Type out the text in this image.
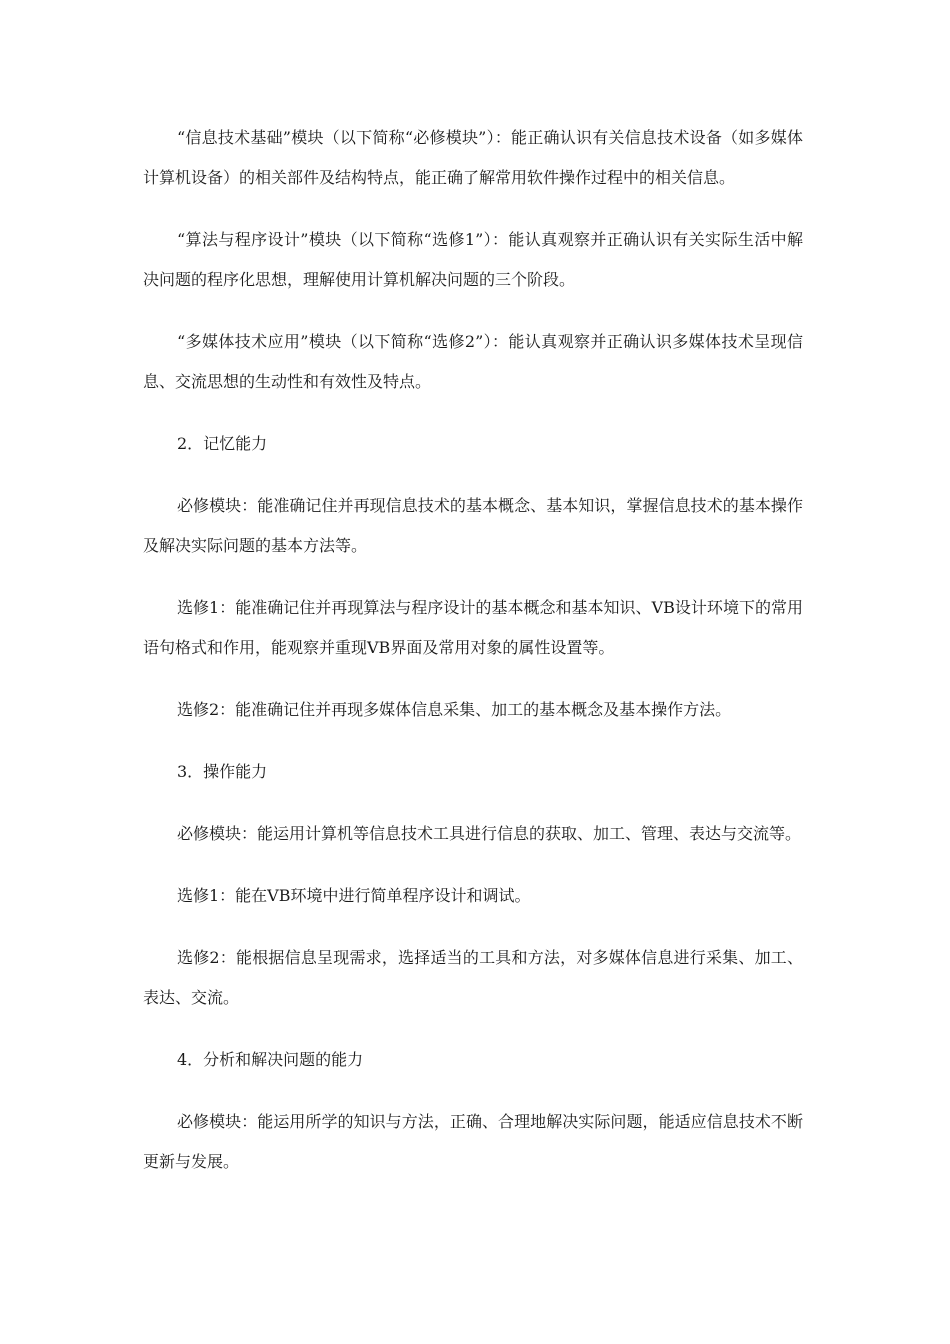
“信息技术基础”模块（以下简称“必修模块”）：能正确认识有关信息技术设备（如多媒体计算机设备）的相关部件及结构特点，能正确了解常用软件操作过程中的相关信息。

“算法与程序设计”模块（以下简称“选修1”）：能认真观察并正确认识有关实际生活中解决问题的程序化思想，理解使用计算机解决问题的三个阶段。

“多媒体技术应用”模块（以下简称“选修2”）：能认真观察并正确认识多媒体技术呈现信息、交流思想的生动性和有效性及特点。

2．记忆能力

必修模块：能准确记住并再现信息技术的基本概念、基本知识，掌握信息技术的基本操作及解决实际问题的基本方法等。

选修1：能准确记住并再现算法与程序设计的基本概念和基本知识、VB设计环境下的常用语句格式和作用，能观察并重现VB界面及常用对象的属性设置等。

选修2：能准确记住并再现多媒体信息采集、加工的基本概念及基本操作方法。

3．操作能力

必修模块：能运用计算机等信息技术工具进行信息的获取、加工、管理、表达与交流等。

选修1：能在VB环境中进行简单程序设计和调试。

选修2：能根据信息呈现需求，选择适当的工具和方法，对多媒体信息进行采集、加工、表达、交流。

4．分析和解决问题的能力

必修模块：能运用所学的知识与方法，正确、合理地解决实际问题，能适应信息技术不断更新与发展。
